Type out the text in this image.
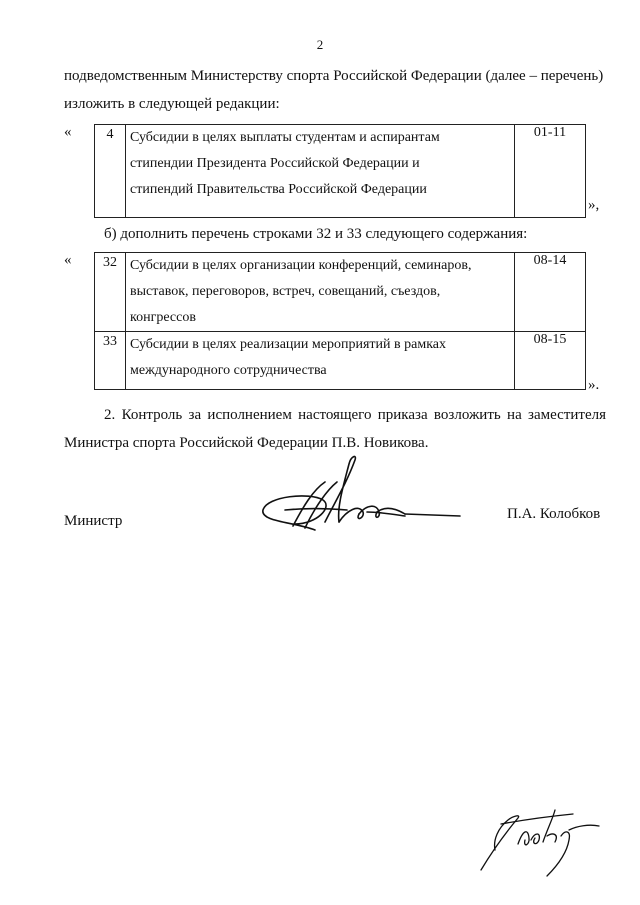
2
подведомственным Министерству спорта Российской Федерации (далее – перечень)
изложить в следующей редакции:
«	4	Субсидии в целях выплаты студентам и аспирантам
стипендии Президента Российской Федерации и
стипендий Правительства Российской Федерации
	01-11
»,
б) дополнить перечень строками 32 и 33 следующего содержания:
« 32	Субсидии в целях организации конференций, семинаров,
выставок, переговоров, встреч, совещаний, съездов,
конгрессов	08-14
33	Субсидии в целях реализации мероприятий в рамках
международного сотрудничества	08-15
».
2. Контроль за исполнением настоящего приказа возложить на заместителя
Министра спорта Российской Федерации П.В. Новикова.
Министр	П.А. Колобков
